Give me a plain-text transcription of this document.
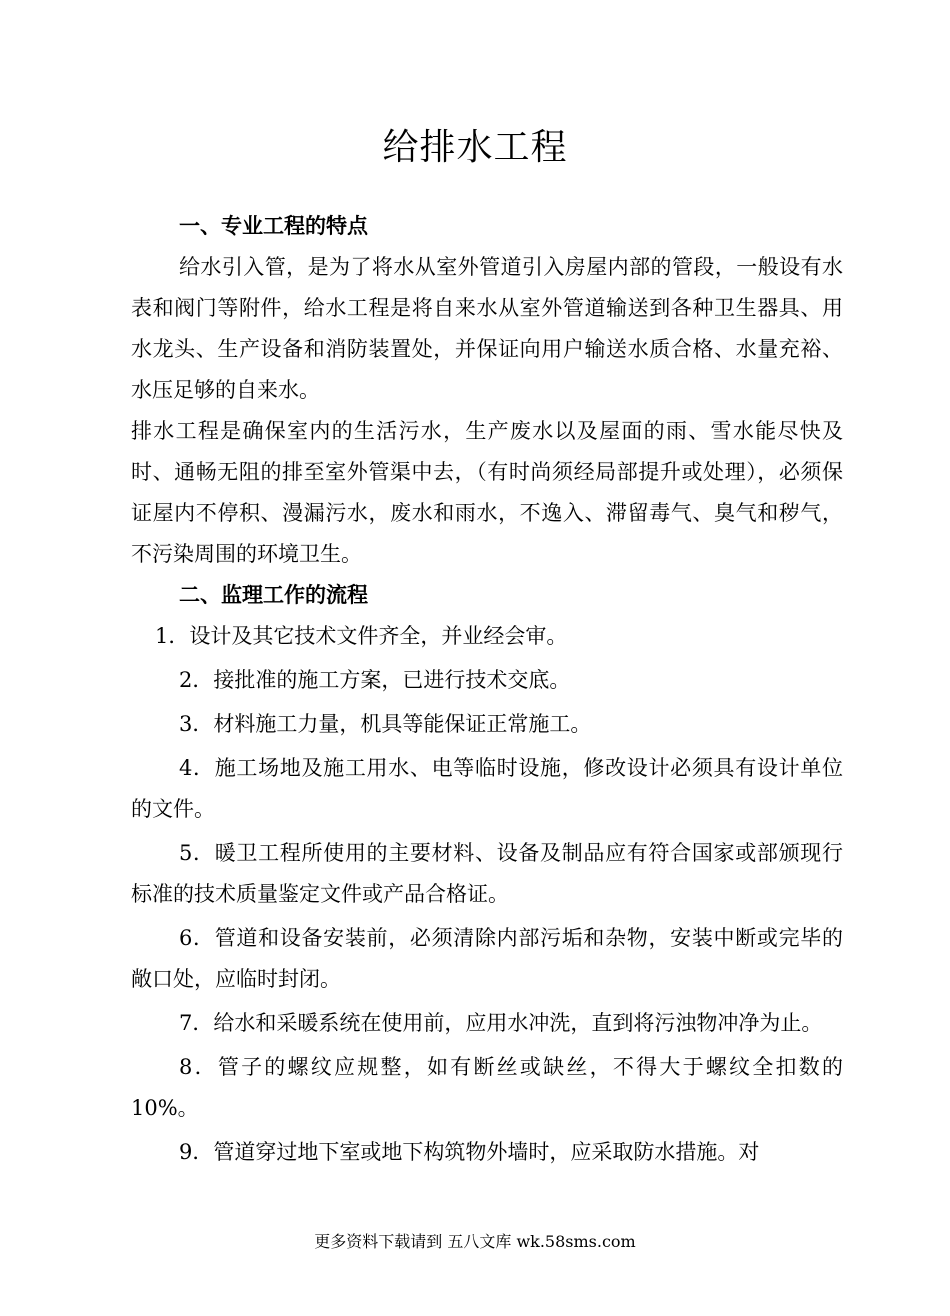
给排水工程

一、专业工程的特点

给水引入管，是为了将水从室外管道引入房屋内部的管段，一般设有水表和阀门等附件，给水工程是将自来水从室外管道输送到各种卫生器具、用水龙头、生产设备和消防装置处，并保证向用户输送水质合格、水量充裕、水压足够的自来水。

排水工程是确保室内的生活污水，生产废水以及屋面的雨、雪水能尽快及时、通畅无阻的排至室外管渠中去，（有时尚须经局部提升或处理），必须保证屋内不停积、漫漏污水，废水和雨水，不逸入、滞留毒气、臭气和秽气，不污染周围的环境卫生。

二、监理工作的流程

1．设计及其它技术文件齐全，并业经会审。

2．接批准的施工方案，已进行技术交底。

3．材料施工力量，机具等能保证正常施工。

4．施工场地及施工用水、电等临时设施，修改设计必须具有设计单位的文件。

5．暖卫工程所使用的主要材料、设备及制品应有符合国家或部颁现行标准的技术质量鉴定文件或产品合格证。

6．管道和设备安装前，必须清除内部污垢和杂物，安装中断或完毕的敞口处，应临时封闭。

7．给水和采暖系统在使用前，应用水冲洗，直到将污浊物冲净为止。

8．管子的螺纹应规整，如有断丝或缺丝，不得大于螺纹全扣数的 10%。

9．管道穿过地下室或地下构筑物外墙时，应采取防水措施。对

更多资料下载请到 五八文库 wk.58sms.com
